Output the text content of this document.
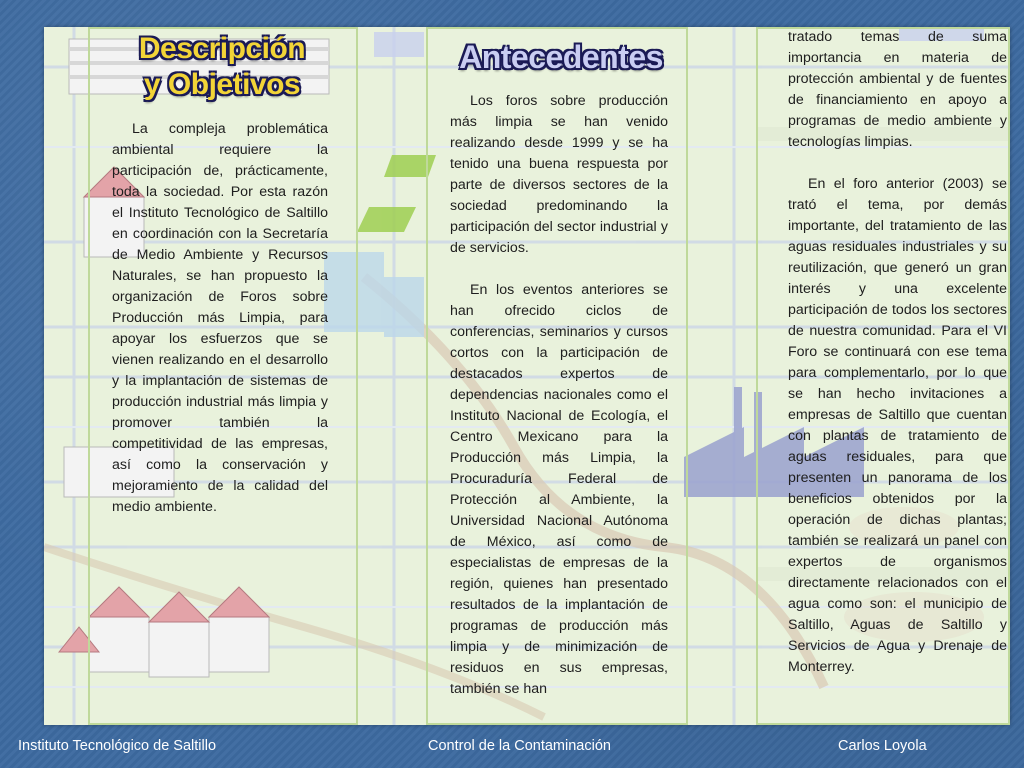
Descripción
y Objetivos

La compleja problemática ambiental requiere la participación de, prácticamente, toda la sociedad. Por esta razón el Instituto Tecnológico de Saltillo en coordinación con la Secretaría de Medio Ambiente y Recursos Naturales, se han propuesto la organización de Foros sobre Producción más Limpia, para apoyar los esfuerzos que se vienen realizando en el desarrollo y la implantación de sistemas de producción industrial más limpia y promover también la competitividad de las empresas, así como la conservación y mejoramiento de la calidad del medio ambiente.

Antecedentes

Los foros sobre producción más limpia se han venido realizando desde 1999 y se ha tenido una buena respuesta por parte de diversos sectores de la sociedad predominando la participación del sector industrial y de servicios.

En los eventos anteriores se han ofrecido ciclos de conferencias, seminarios y cursos cortos con la participación de destacados expertos de dependencias nacionales como el Instituto Nacional de Ecología, el Centro Mexicano para la Producción más Limpia, la Procuraduría Federal de Protección al Ambiente, la Universidad Nacional Autónoma de México, así como de especialistas de empresas de la región, quienes han presentado resultados de la implantación de programas de producción más limpia y de minimización de residuos en sus empresas, también se han

tratado temas de suma importancia en materia de protección ambiental y de fuentes de financiamiento en apoyo a programas de medio ambiente y tecnologías limpias.

En el foro anterior (2003) se trató el tema, por demás importante, del tratamiento de las aguas residuales industriales y su reutilización, que generó un gran interés y una excelente participación de todos los sectores de nuestra comunidad. Para el VI Foro se continuará con ese tema para complementarlo, por lo que se han hecho invitaciones a empresas de Saltillo que cuentan con plantas de tratamiento de aguas residuales, para que presenten un panorama de los beneficios obtenidos por la operación de dichas plantas; también se realizará un panel con expertos de organismos directamente relacionados con el agua como son: el municipio de Saltillo, Aguas de Saltillo y Servicios de Agua y Drenaje de Monterrey.

Instituto Tecnológico de Saltillo	Control de la Contaminación	Carlos Loyola
